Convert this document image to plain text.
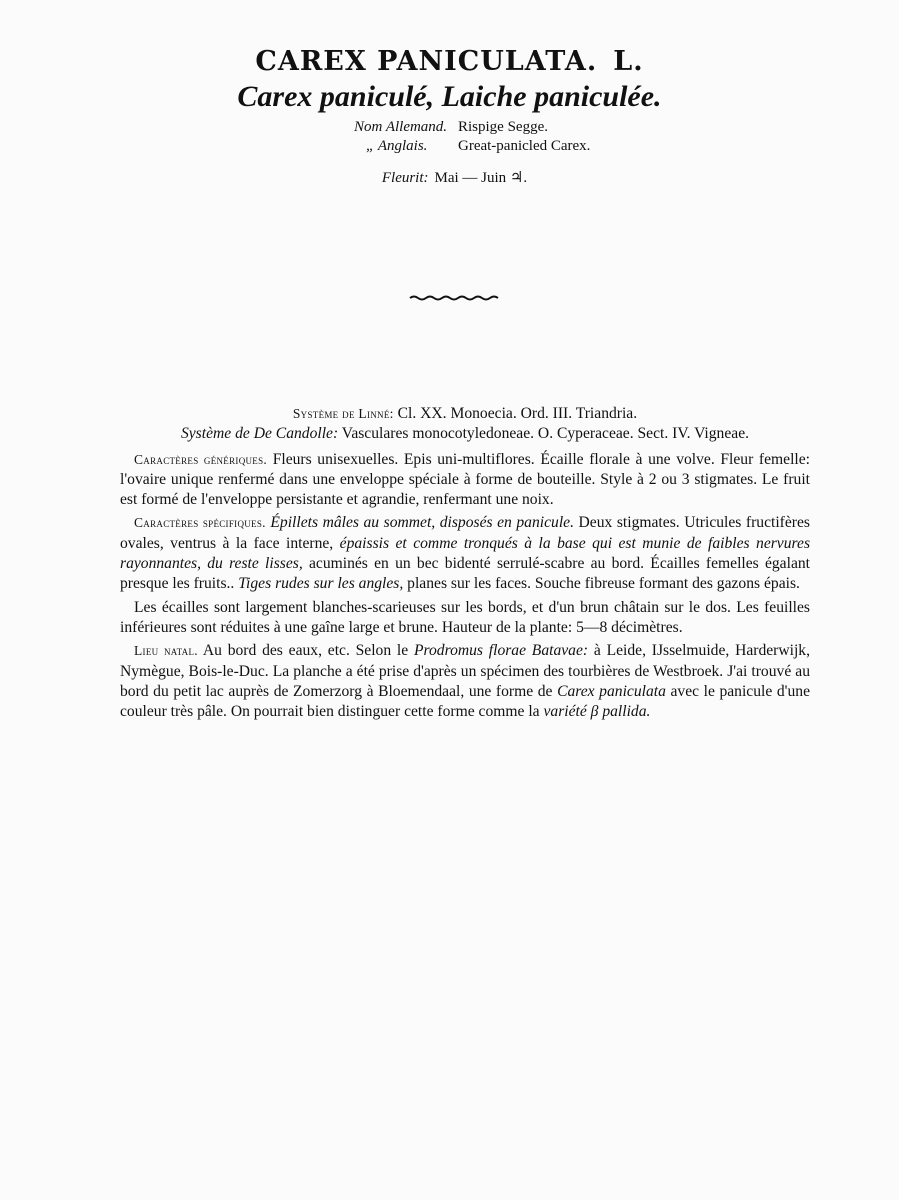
CAREX PANICULATA. L.
Carex paniculé, Laiche paniculée.
Nom Allemand. Rispige Segge.
„ Anglais. Great-panicled Carex.
Fleurit: Mai — Juin ♃.

Système de Linné: Cl. XX. Monoecia. Ord. III. Triandria.

Système de De Candolle: Vasculares monocotyledoneae. O. Cyperaceae. Sect. IV. Vigneae.

Caractères génériques. Fleurs unisexuelles. Epis uni-multiflores. Écaille florale à une volve. Fleur femelle: l'ovaire unique renfermé dans une enveloppe spéciale à forme de bouteille. Style à 2 ou 3 stigmates. Le fruit est formé de l'enveloppe persistante et agrandie, renfermant une noix.

Caractères spécifiques. Épillets mâles au sommet, disposés en panicule. Deux stigmates. Utricules fructifères ovales, ventrus à la face interne, épaissis et comme tronqués à la base qui est munie de faibles nervures rayonnantes, du reste lisses, acuminés en un bec bidenté serrulé-scabre au bord. Écailles femelles égalant presque les fruits.. Tiges rudes sur les angles, planes sur les faces. Souche fibreuse formant des gazons épais.

Les écailles sont largement blanches-scarieuses sur les bords, et d'un brun châtain sur le dos. Les feuilles inférieures sont réduites à une gaîne large et brune. Hauteur de la plante: 5—8 décimètres.

Lieu natal. Au bord des eaux, etc. Selon le Prodromus florae Batavae: à Leide, IJsselmuide, Harderwijk, Nymègue, Bois-le-Duc. La planche a été prise d'après un spécimen des tourbières de Westbroek. J'ai trouvé au bord du petit lac auprès de Zomerzorg à Bloemendaal, une forme de Carex paniculata avec le panicule d'une couleur très pâle. On pourrait bien distinguer cette forme comme la variété β pallida.
